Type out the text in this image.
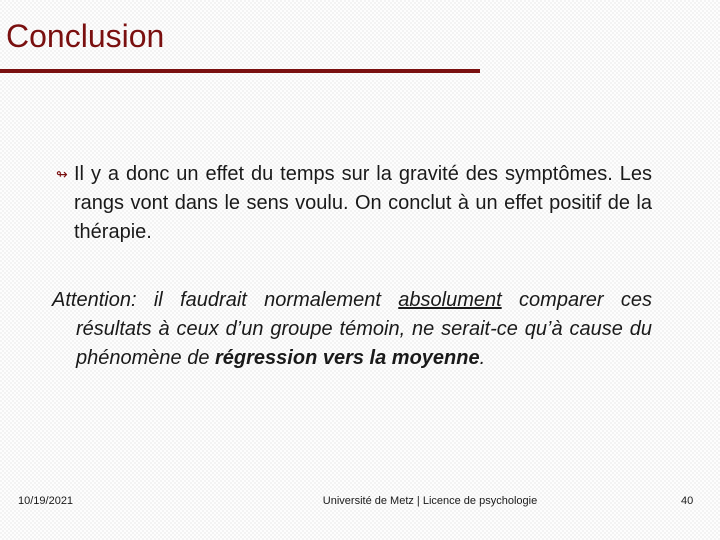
Conclusion
↬ Il y a donc un effet du temps sur la gravité des symptômes. Les rangs vont dans le sens voulu. On conclut à un effet positif de la thérapie.

Attention: il faudrait normalement absolument comparer ces résultats à ceux d’un groupe témoin, ne serait-ce qu’à cause du phénomène de régression vers la moyenne.

10/19/2021	Université de Metz | Licence de psychologie	40
